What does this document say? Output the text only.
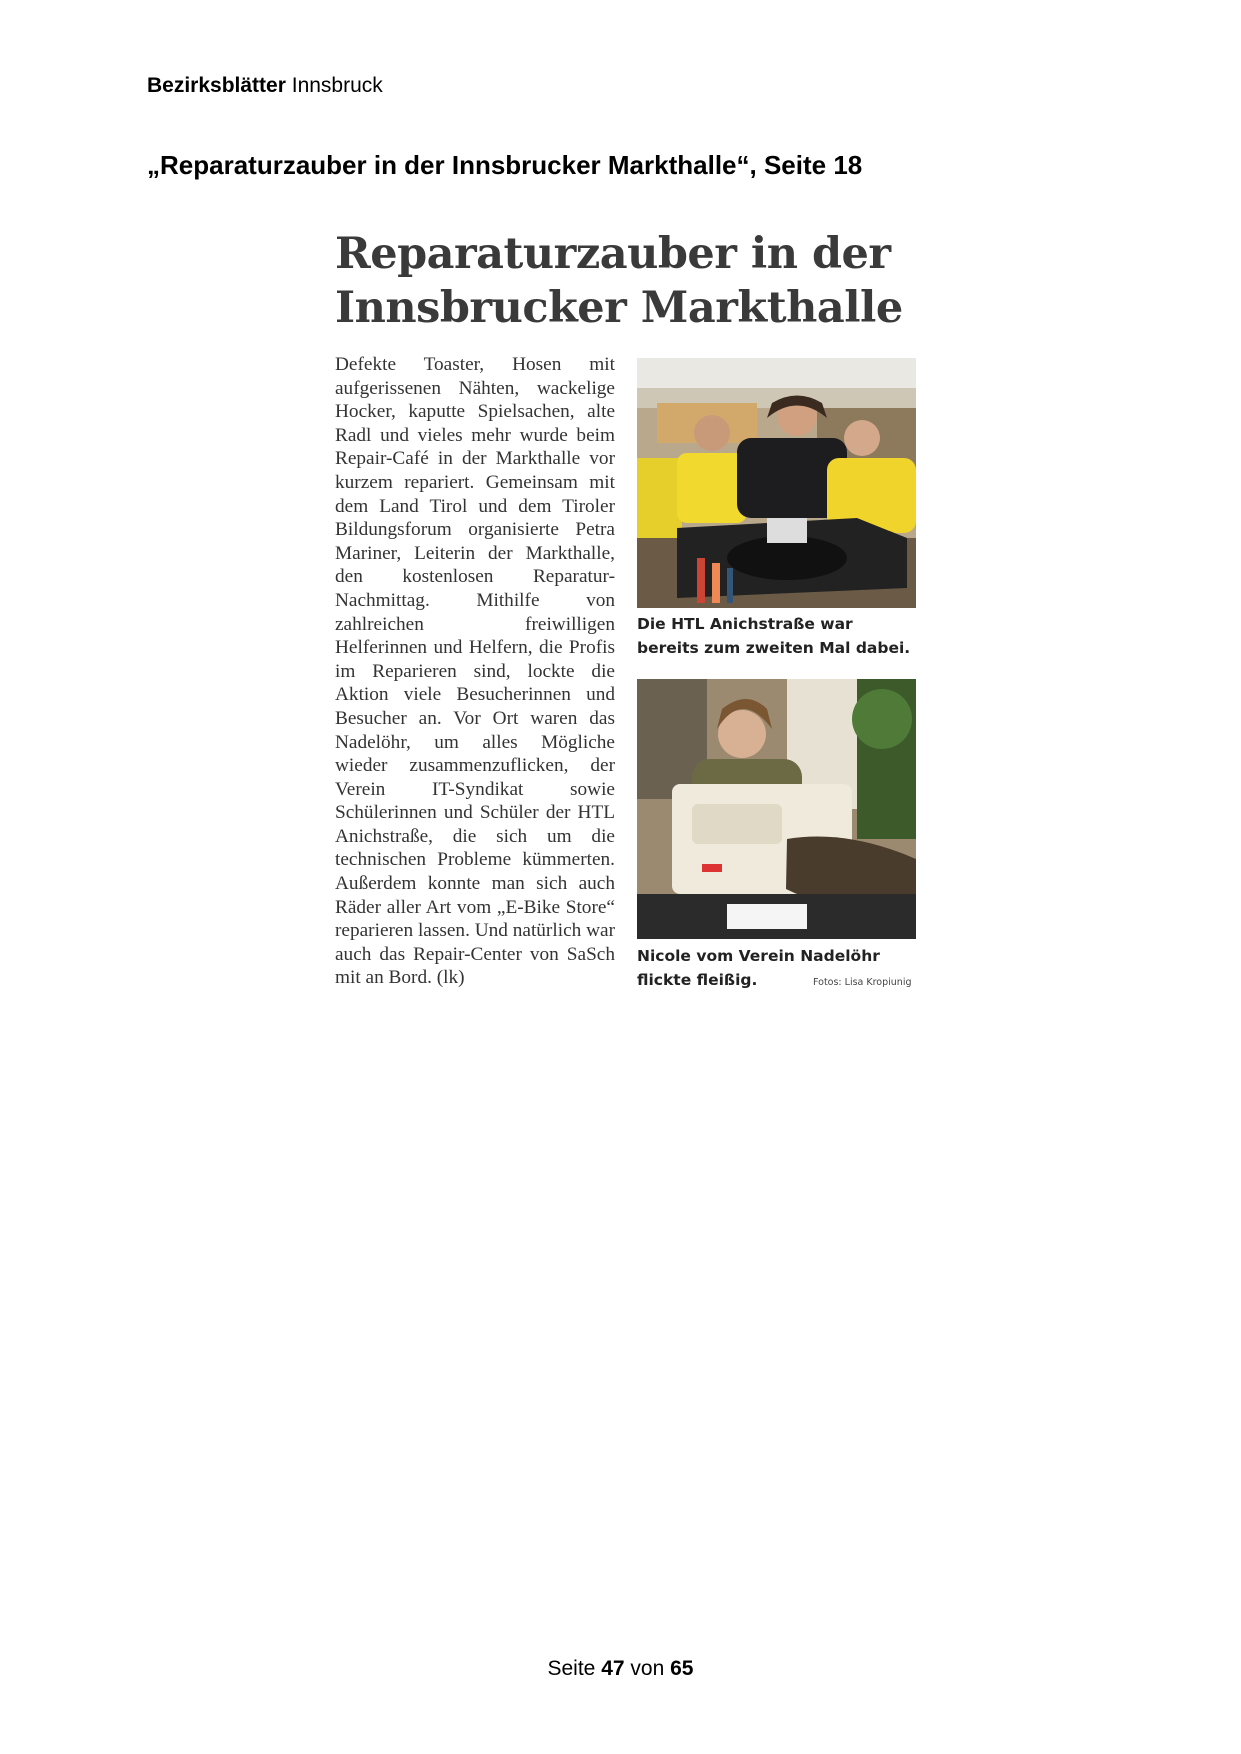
Bezirksblätter Innsbruck
„Reparaturzauber in der Innsbrucker Markthalle“, Seite 18
Reparaturzauber in der
Innsbrucker Markthalle

Defekte Toaster, Hosen mit aufgerissenen Nähten, wackelige Hocker, kaputte Spielsachen, alte Radl und vieles mehr wurde beim Repair-Café in der Markthalle vor kurzem repariert. Gemeinsam mit dem Land Tirol und dem Tiroler Bildungsforum organisierte Petra Mariner, Leiterin der Markthalle, den kostenlosen Reparatur-Nachmittag. Mithilfe von zahlreichen freiwilligen Helferinnen und Helfern, die Profis im Reparieren sind, lockte die Aktion viele Besucherinnen und Besucher an. Vor Ort waren das Nadelöhr, um alles Mögliche wieder zusammenzuflicken, der Verein IT-Syndikat sowie Schülerinnen und Schüler der HTL Anichstraße, die sich um die technischen Probleme kümmerten. Außerdem konnte man sich auch Räder aller Art vom „E-Bike Store“ reparieren lassen. Und natürlich war auch das Repair-Center von SaSch mit an Bord. (lk)

Die HTL Anichstraße war bereits zum zweiten Mal dabei.

Nicole vom Verein Nadelöhr flickte fleißig.	Fotos: Lisa Kropiunig
Seite 47 von 65
